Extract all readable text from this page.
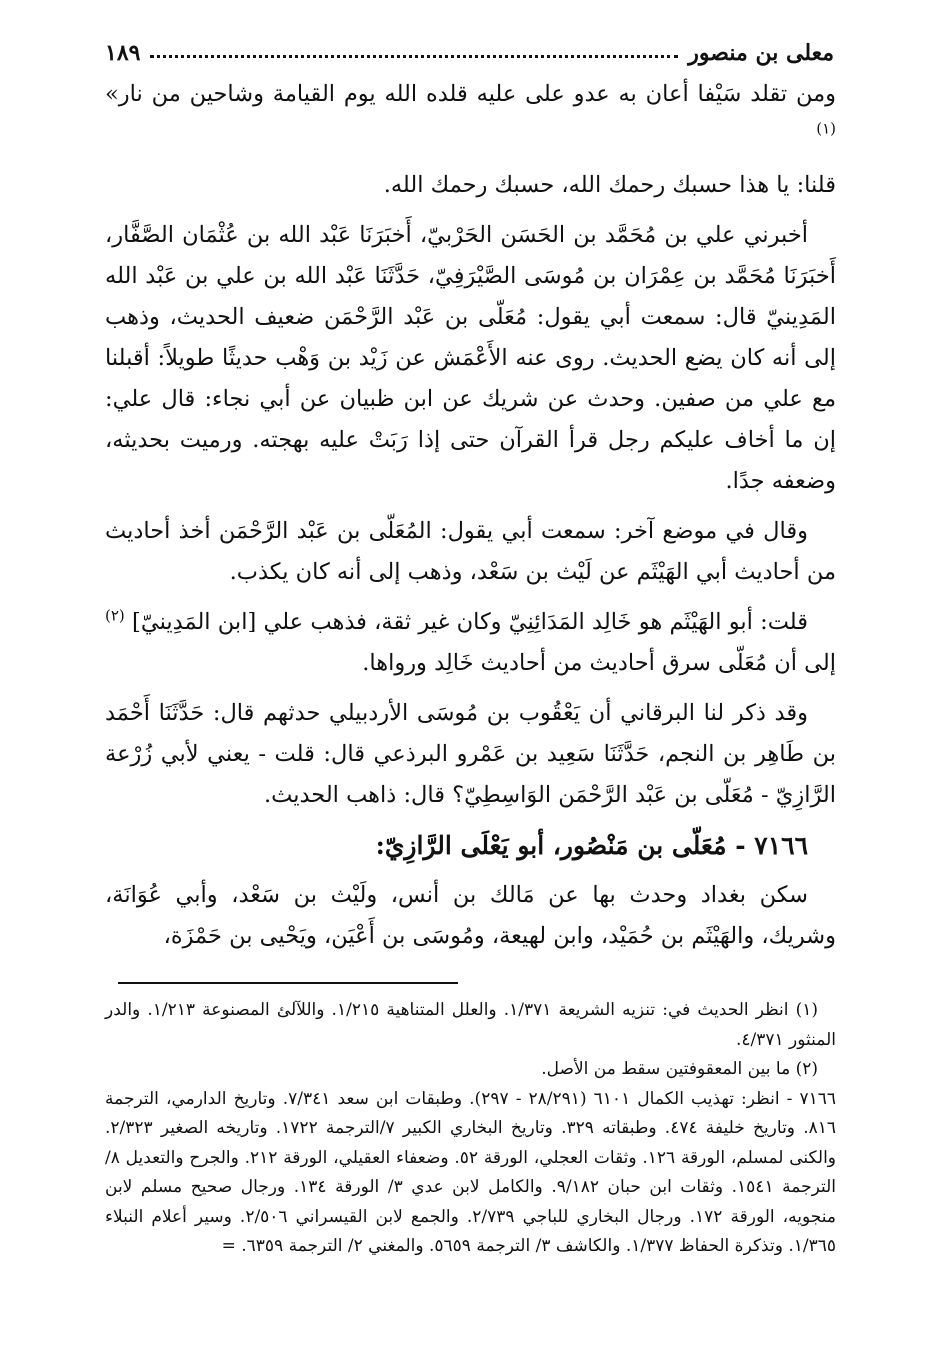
معلى بن منصور
١٨٩

ومن تقلد سَيْفا أعان به عدو على عليه قلده الله يوم القيامة وشاحين من نار» $^{(١)}$

قلنا: يا هذا حسبك رحمك الله، حسبك رحمك الله.

أخبرني علي بن مُحَمَّد بن الحَسَن الحَرْبيّ، أَخبَرَنَا عَبْد الله بن عُثْمَان الصَّفَّار، أَخبَرَنَا مُحَمَّد بن عِمْرَان بن مُوسَى الصَّيْرَفِيّ، حَدَّثَنَا عَبْد الله بن علي بن عَبْد الله المَدِينيّ قال: سمعت أبي يقول: مُعَلّى بن عَبْد الرَّحْمَن ضعيف الحديث، وذهب إلى أنه كان يضع الحديث. روى عنه الأَعْمَش عن زَيْد بن وَهْب حديثًا طويلاً: أقبلنا مع علي من صفين. وحدث عن شريك عن ابن ظبيان عن أبي نجاء: قال علي: إن ما أخاف عليكم رجل قرأ القرآن حتى إذا رَبَتْ عليه بهجته. ورميت بحديثه، وضعفه جدًا.

وقال في موضع آخر: سمعت أبي يقول: المُعَلّى بن عَبْد الرَّحْمَن أخذ أحاديث من أحاديث أبي الهَيْثَم عن لَيْث بن سَعْد، وذهب إلى أنه كان يكذب.

قلت: أبو الهَيْثَم هو خَالِد المَدَائِنِيّ وكان غير ثقة، فذهب علي [ابن المَدِينيّ] $^{(٢)}$ إلى أن مُعَلّى سرق أحاديث من أحاديث خَالِد ورواها.

وقد ذكر لنا البرقاني أن يَعْقُوب بن مُوسَى الأردبيلي حدثهم قال: حَدَّثَنَا أَحْمَد بن طَاهِر بن النجم، حَدَّثَنَا سَعِيد بن عَمْرو البرذعي قال: قلت - يعني لأبي زُرْعة الرَّازِيّ - مُعَلّى بن عَبْد الرَّحْمَن الوَاسِطِيّ؟ قال: ذاهب الحديث.

٧١٦٦ - مُعَلّى بن مَنْصُور، أبو يَعْلَى الرَّازِيّ:

سكن بغداد وحدث بها عن مَالك بن أنس، ولَيْث بن سَعْد، وأبي عُوَانَة، وشريك، والهَيْثَم بن حُمَيْد، وابن لهيعة، ومُوسَى بن أَعْيَن، ويَحْيى بن حَمْزَة،

(١) انظر الحديث في: تنزيه الشريعة ١/٣٧١. والعلل المتناهية ١/٢١٥. واللآلئ المصنوعة ١/٢١٣. والدر المنثور ٤/٣٧١.

(٢) ما بين المعقوفتين سقط من الأصل.

٧١٦٦ - انظر: تهذيب الكمال ٦١٠١ (٢٨/٢٩١ - ٢٩٧). وطبقات ابن سعد ٧/٣٤١. وتاريخ الدارمي، الترجمة ٨١٦. وتاريخ خليفة ٤٧٤. وطبقاته ٣٢٩. وتاريخ البخاري الكبير ٧/الترجمة ١٧٢٢. وتاريخه الصغير ٢/٣٢٣. والكنى لمسلم، الورقة ١٢٦. وثقات العجلي، الورقة ٥٢. وضعفاء العقيلي، الورقة ٢١٢. والجرح والتعديل ٨/ الترجمة ١٥٤١. وثقات ابن حبان ٩/١٨٢. والكامل لابن عدي ٣/ الورقة ١٣٤. ورجال صحيح مسلم لابن منجويه، الورقة ١٧٢. ورجال البخاري للباجي ٢/٧٣٩. والجمع لابن القيسراني ٢/٥٠٦. وسير أعلام النبلاء ١/٣٦٥. وتذكرة الحفاظ ١/٣٧٧. والكاشف ٣/ الترجمة ٥٦٥٩. والمغني ٢/ الترجمة ٦٣٥٩. =
